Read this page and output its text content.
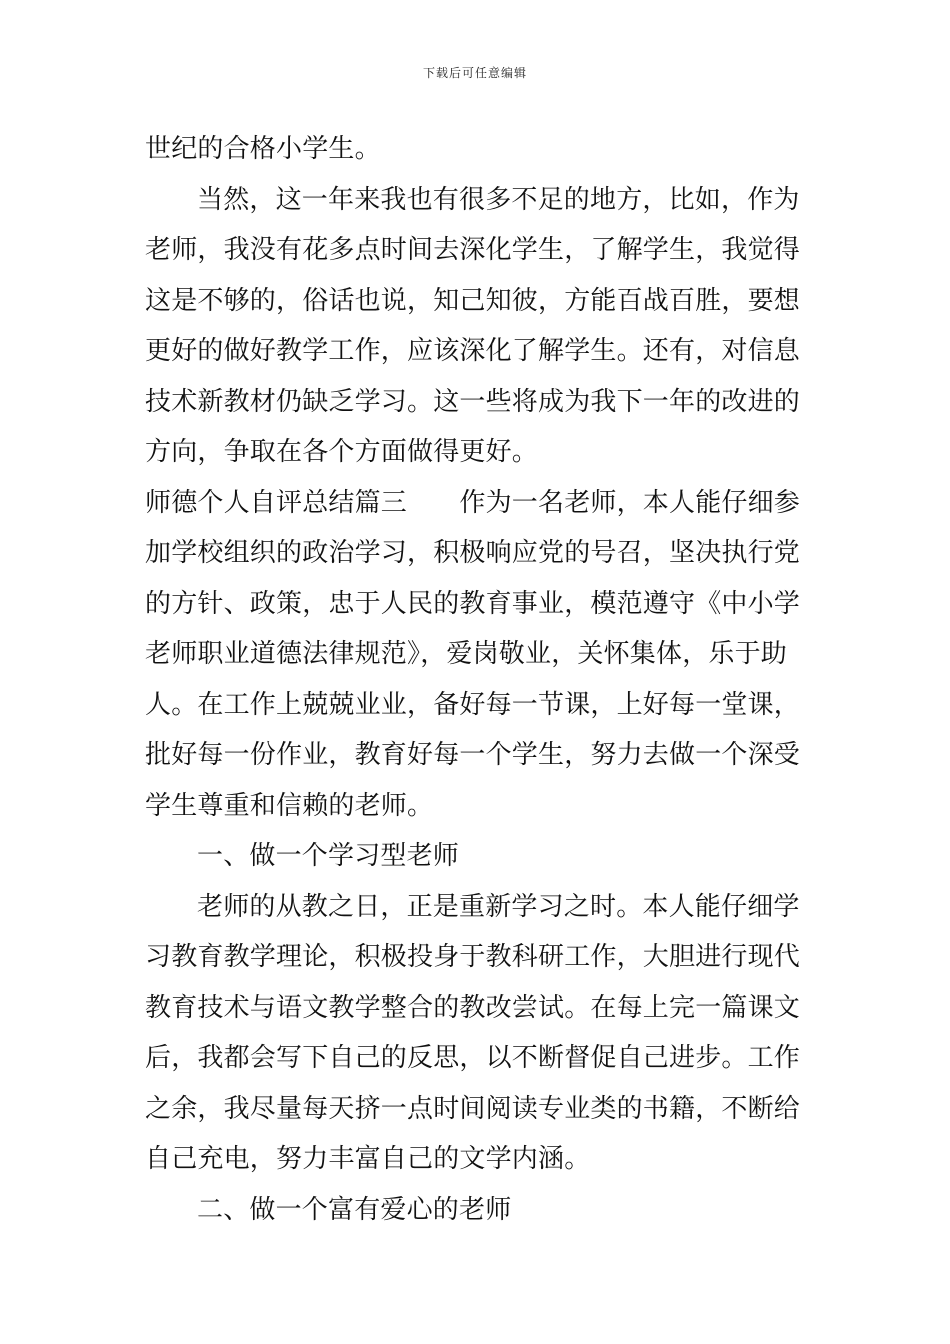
下载后可任意编辑
世纪的合格小学生。
当然，这一年来我也有很多不足的地方，比如，作为
老师，我没有花多点时间去深化学生，了解学生，我觉得
这是不够的，俗话也说，知己知彼，方能百战百胜，要想
更好的做好教学工作，应该深化了解学生。还有，对信息
技术新教材仍缺乏学习。这一些将成为我下一年的改进的
方向，争取在各个方面做得更好。
师德个人自评总结篇三　　作为一名老师，本人能仔细参
加学校组织的政治学习，积极响应党的号召，坚决执行党
的方针、政策，忠于人民的教育事业，模范遵守《中小学
老师职业道德法律规范》，爱岗敬业，关怀集体，乐于助
人。在工作上兢兢业业，备好每一节课，上好每一堂课，
批好每一份作业，教育好每一个学生，努力去做一个深受
学生尊重和信赖的老师。
一、做一个学习型老师
老师的从教之日，正是重新学习之时。本人能仔细学
习教育教学理论，积极投身于教科研工作，大胆进行现代
教育技术与语文教学整合的教改尝试。在每上完一篇课文
后，我都会写下自己的反思，以不断督促自己进步。工作
之余，我尽量每天挤一点时间阅读专业类的书籍，不断给
自己充电，努力丰富自己的文学内涵。
二、做一个富有爱心的老师
